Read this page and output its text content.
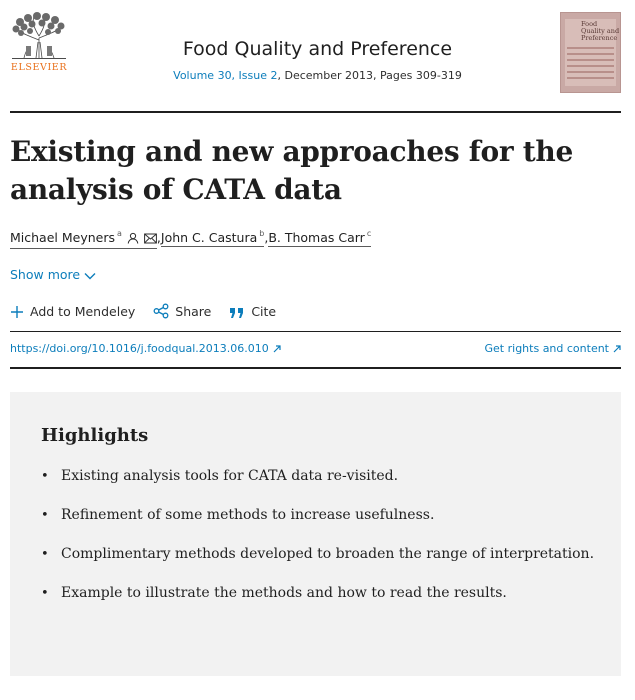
ELSEVIER
Food Quality and Preference
Volume 30, Issue 2, December 2013, Pages 309-319
Food Quality and Preference
Existing and new approaches for the analysis of CATA data
Michael Meyners $^a$	,John C. Castura $^b$,B. Thomas Carr $^c$
Show more
Add to Mendeley	Share	Cite
https://doi.org/10.1016/j.foodqual.2013.06.010	Get rights and content
Highlights
• Existing analysis tools for CATA data re-visited.
• Refinement of some methods to increase usefulness.
• Complimentary methods developed to broaden the range of interpretation.
• Example to illustrate the methods and how to read the results.
